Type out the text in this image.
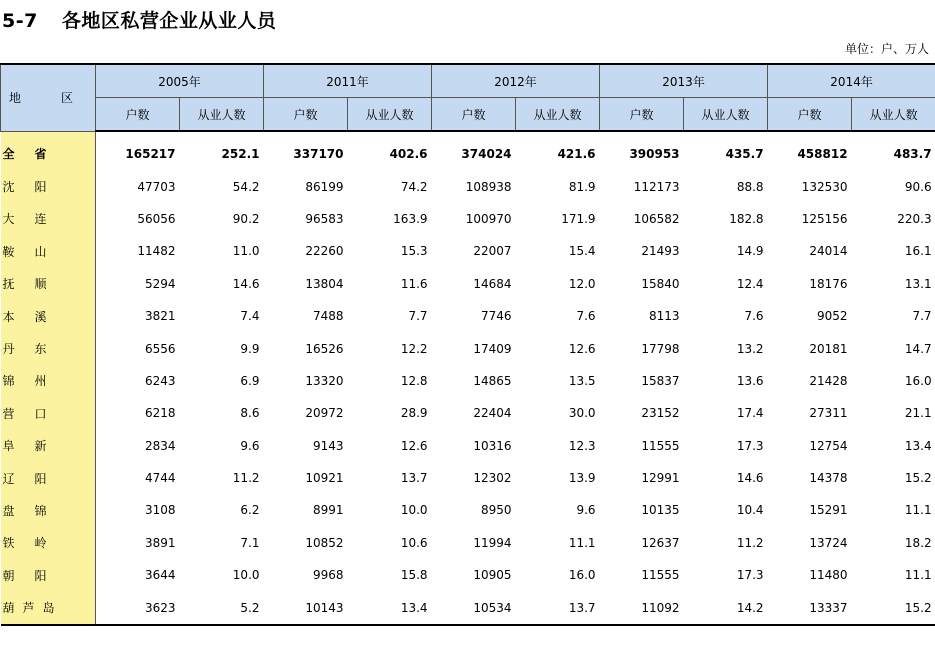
5-7 各地区私营企业从业人员
单位：户、万人
地　区	2005年		2011年		2012年		2013年		2014年	
	户数	从业人数	户数	从业人数	户数	从业人数	户数	从业人数	户数	从业人数
全省	165217	252.1	337170	402.6	374024	421.6	390953	435.7	458812	483.7
沈阳	47703	54.2	86199	74.2	108938	81.9	112173	88.8	132530	90.6
大连	56056	90.2	96583	163.9	100970	171.9	106582	182.8	125156	220.3
鞍山	11482	11.0	22260	15.3	22007	15.4	21493	14.9	24014	16.1
抚顺	5294	14.6	13804	11.6	14684	12.0	15840	12.4	18176	13.1
本溪	3821	7.4	7488	7.7	7746	7.6	8113	7.6	9052	7.7
丹东	6556	9.9	16526	12.2	17409	12.6	17798	13.2	20181	14.7
锦州	6243	6.9	13320	12.8	14865	13.5	15837	13.6	21428	16.0
营口	6218	8.6	20972	28.9	22404	30.0	23152	17.4	27311	21.1
阜新	2834	9.6	9143	12.6	10316	12.3	11555	17.3	12754	13.4
辽阳	4744	11.2	10921	13.7	12302	13.9	12991	14.6	14378	15.2
盘锦	3108	6.2	8991	10.0	8950	9.6	10135	10.4	15291	11.1
铁岭	3891	7.1	10852	10.6	11994	11.1	12637	11.2	13724	18.2
朝阳	3644	10.0	9968	15.8	10905	16.0	11555	17.3	11480	11.1
葫芦岛	3623	5.2	10143	13.4	10534	13.7	11092	14.2	13337	15.2
